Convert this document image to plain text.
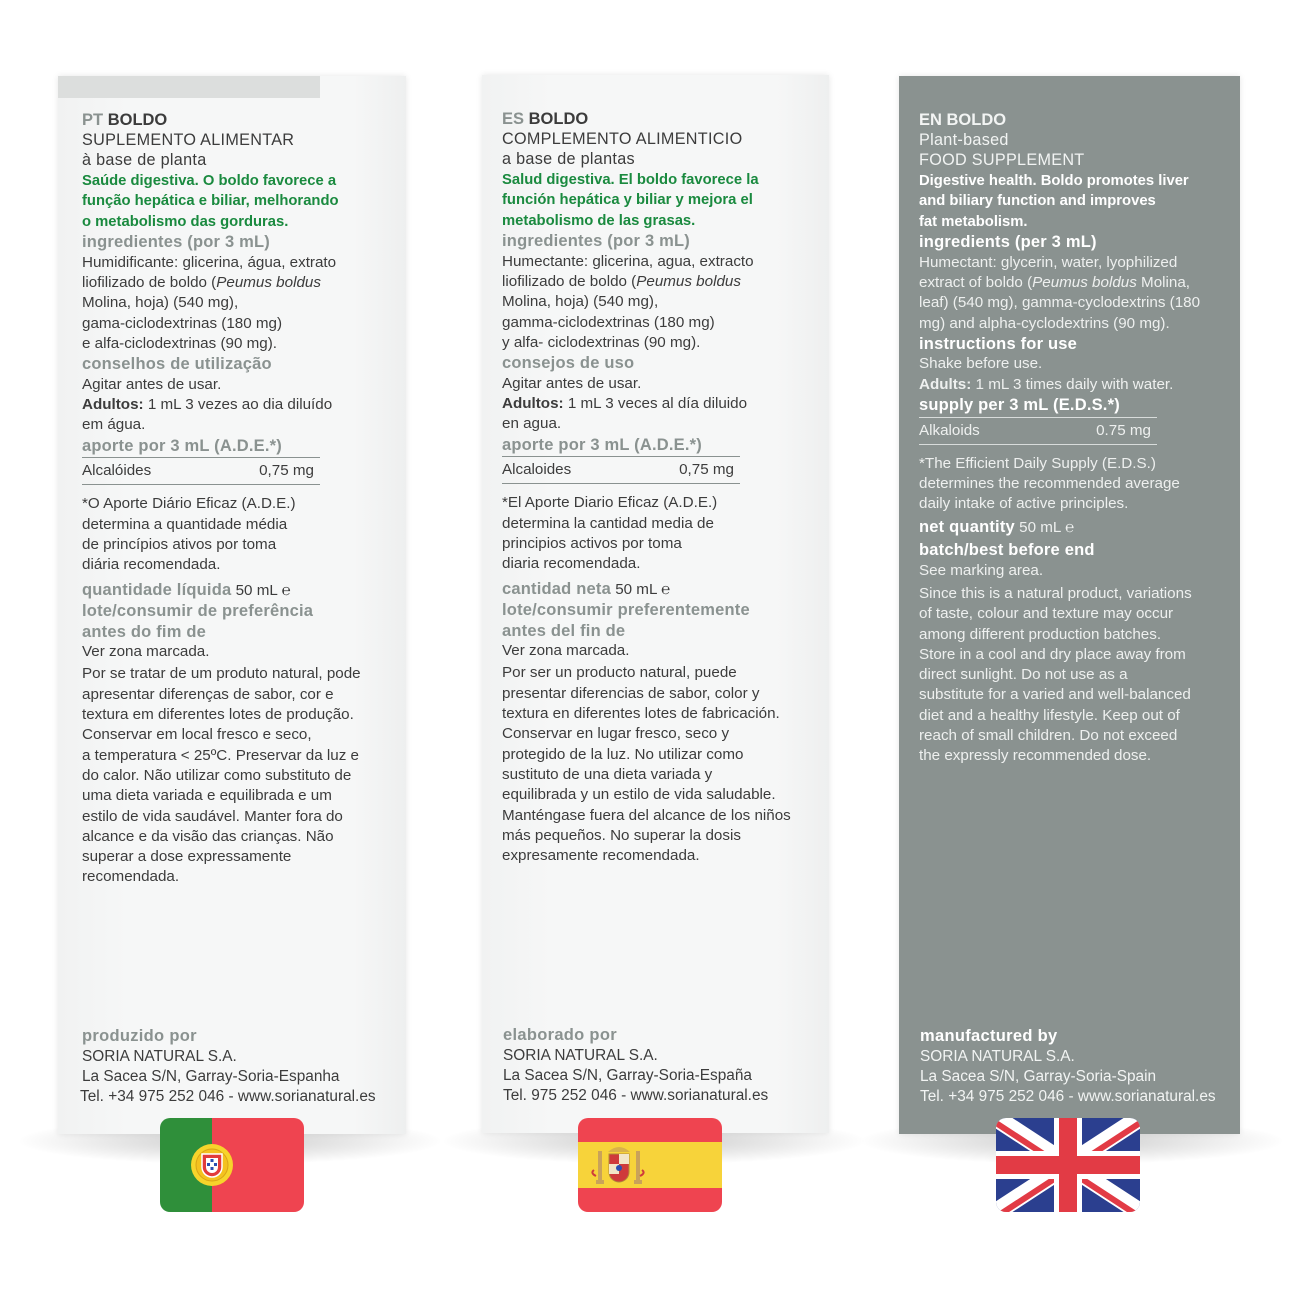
PT BOLDO
SUPLEMENTO ALIMENTAR
à base de planta
Saúde digestiva. O boldo favorece a
função hepática e biliar, melhorando
o metabolismo das gorduras.
ingredientes (por 3 mL)
Humidificante: glicerina, água, extrato
liofilizado de boldo (Peumus boldus
Molina, hoja) (540 mg),
gama-ciclodextrinas (180 mg)
e alfa-ciclodextrinas (90 mg).
conselhos de utilização
Agitar antes de usar.
Adultos: 1 mL 3 vezes ao dia diluído
em água.
aporte por 3 mL (A.D.E.*)
Alcalóides	0,75 mg
*O Aporte Diário Eficaz (A.D.E.)
determina a quantidade média
de princípios ativos por toma
diária recomendada.
quantidade líquida 50 mL ℮
lote/consumir de preferência
antes do fim de
Ver zona marcada.
Por se tratar de um produto natural, pode
apresentar diferenças de sabor, cor e
textura em diferentes lotes de produção.
Conservar em local fresco e seco,
a temperatura < 25ºC. Preservar da luz e
do calor. Não utilizar como substituto de
uma dieta variada e equilibrada e um
estilo de vida saudável. Manter fora do
alcance e da visão das crianças. Não
superar a dose expressamente
recomendada.
produzido por
SORIA NATURAL S.A.
La Sacea S/N, Garray-Soria-Espanha
Tel. +34 975 252 046 - www.sorianatural.es
ES BOLDO
COMPLEMENTO ALIMENTICIO
a base de plantas
Salud digestiva. El boldo favorece la
función hepática y biliar y mejora el
metabolismo de las grasas.
ingredientes (por 3 mL)
Humectante: glicerina, agua, extracto
liofilizado de boldo (Peumus boldus
Molina, hoja) (540 mg),
gamma-ciclodextrinas (180 mg)
y alfa- ciclodextrinas (90 mg).
consejos de uso
Agitar antes de usar.
Adultos: 1 mL 3 veces al día diluido
en agua.
aporte por 3 mL (A.D.E.*)
Alcaloides	0,75 mg
*El Aporte Diario Eficaz (A.D.E.)
determina la cantidad media de
principios activos por toma
diaria recomendada.
cantidad neta 50 mL ℮
lote/consumir preferentemente
antes del fin de
Ver zona marcada.
Por ser un producto natural, puede
presentar diferencias de sabor, color y
textura en diferentes lotes de fabricación.
Conservar en lugar fresco, seco y
protegido de la luz. No utilizar como
sustituto de una dieta variada y
equilibrada y un estilo de vida saludable.
Manténgase fuera del alcance de los niños
más pequeños. No superar la dosis
expresamente recomendada.
elaborado por
SORIA NATURAL S.A.
La Sacea S/N, Garray-Soria-España
Tel. 975 252 046 - www.sorianatural.es
EN BOLDO
Plant-based
FOOD SUPPLEMENT
Digestive health. Boldo promotes liver
and biliary function and improves
fat metabolism.
ingredients (per 3 mL)
Humectant: glycerin, water, lyophilized
extract of boldo (Peumus boldus Molina,
leaf) (540 mg), gamma-cyclodextrins (180
mg) and alpha-cyclodextrins (90 mg).
instructions for use
Shake before use.
Adults: 1 mL 3 times daily with water.
supply per 3 mL (E.D.S.*)
Alkaloids	0.75 mg
*The Efficient Daily Supply (E.D.S.)
determines the recommended average
daily intake of active principles.
net quantity 50 mL ℮
batch/best before end
See marking area.
Since this is a natural product, variations
of taste, colour and texture may occur
among different production batches.
Store in a cool and dry place away from
direct sunlight. Do not use as a
substitute for a varied and well-balanced
diet and a healthy lifestyle. Keep out of
reach of small children. Do not exceed
the expressly recommended dose.
manufactured by
SORIA NATURAL S.A.
La Sacea S/N, Garray-Soria-Spain
Tel. +34 975 252 046 - www.sorianatural.es
